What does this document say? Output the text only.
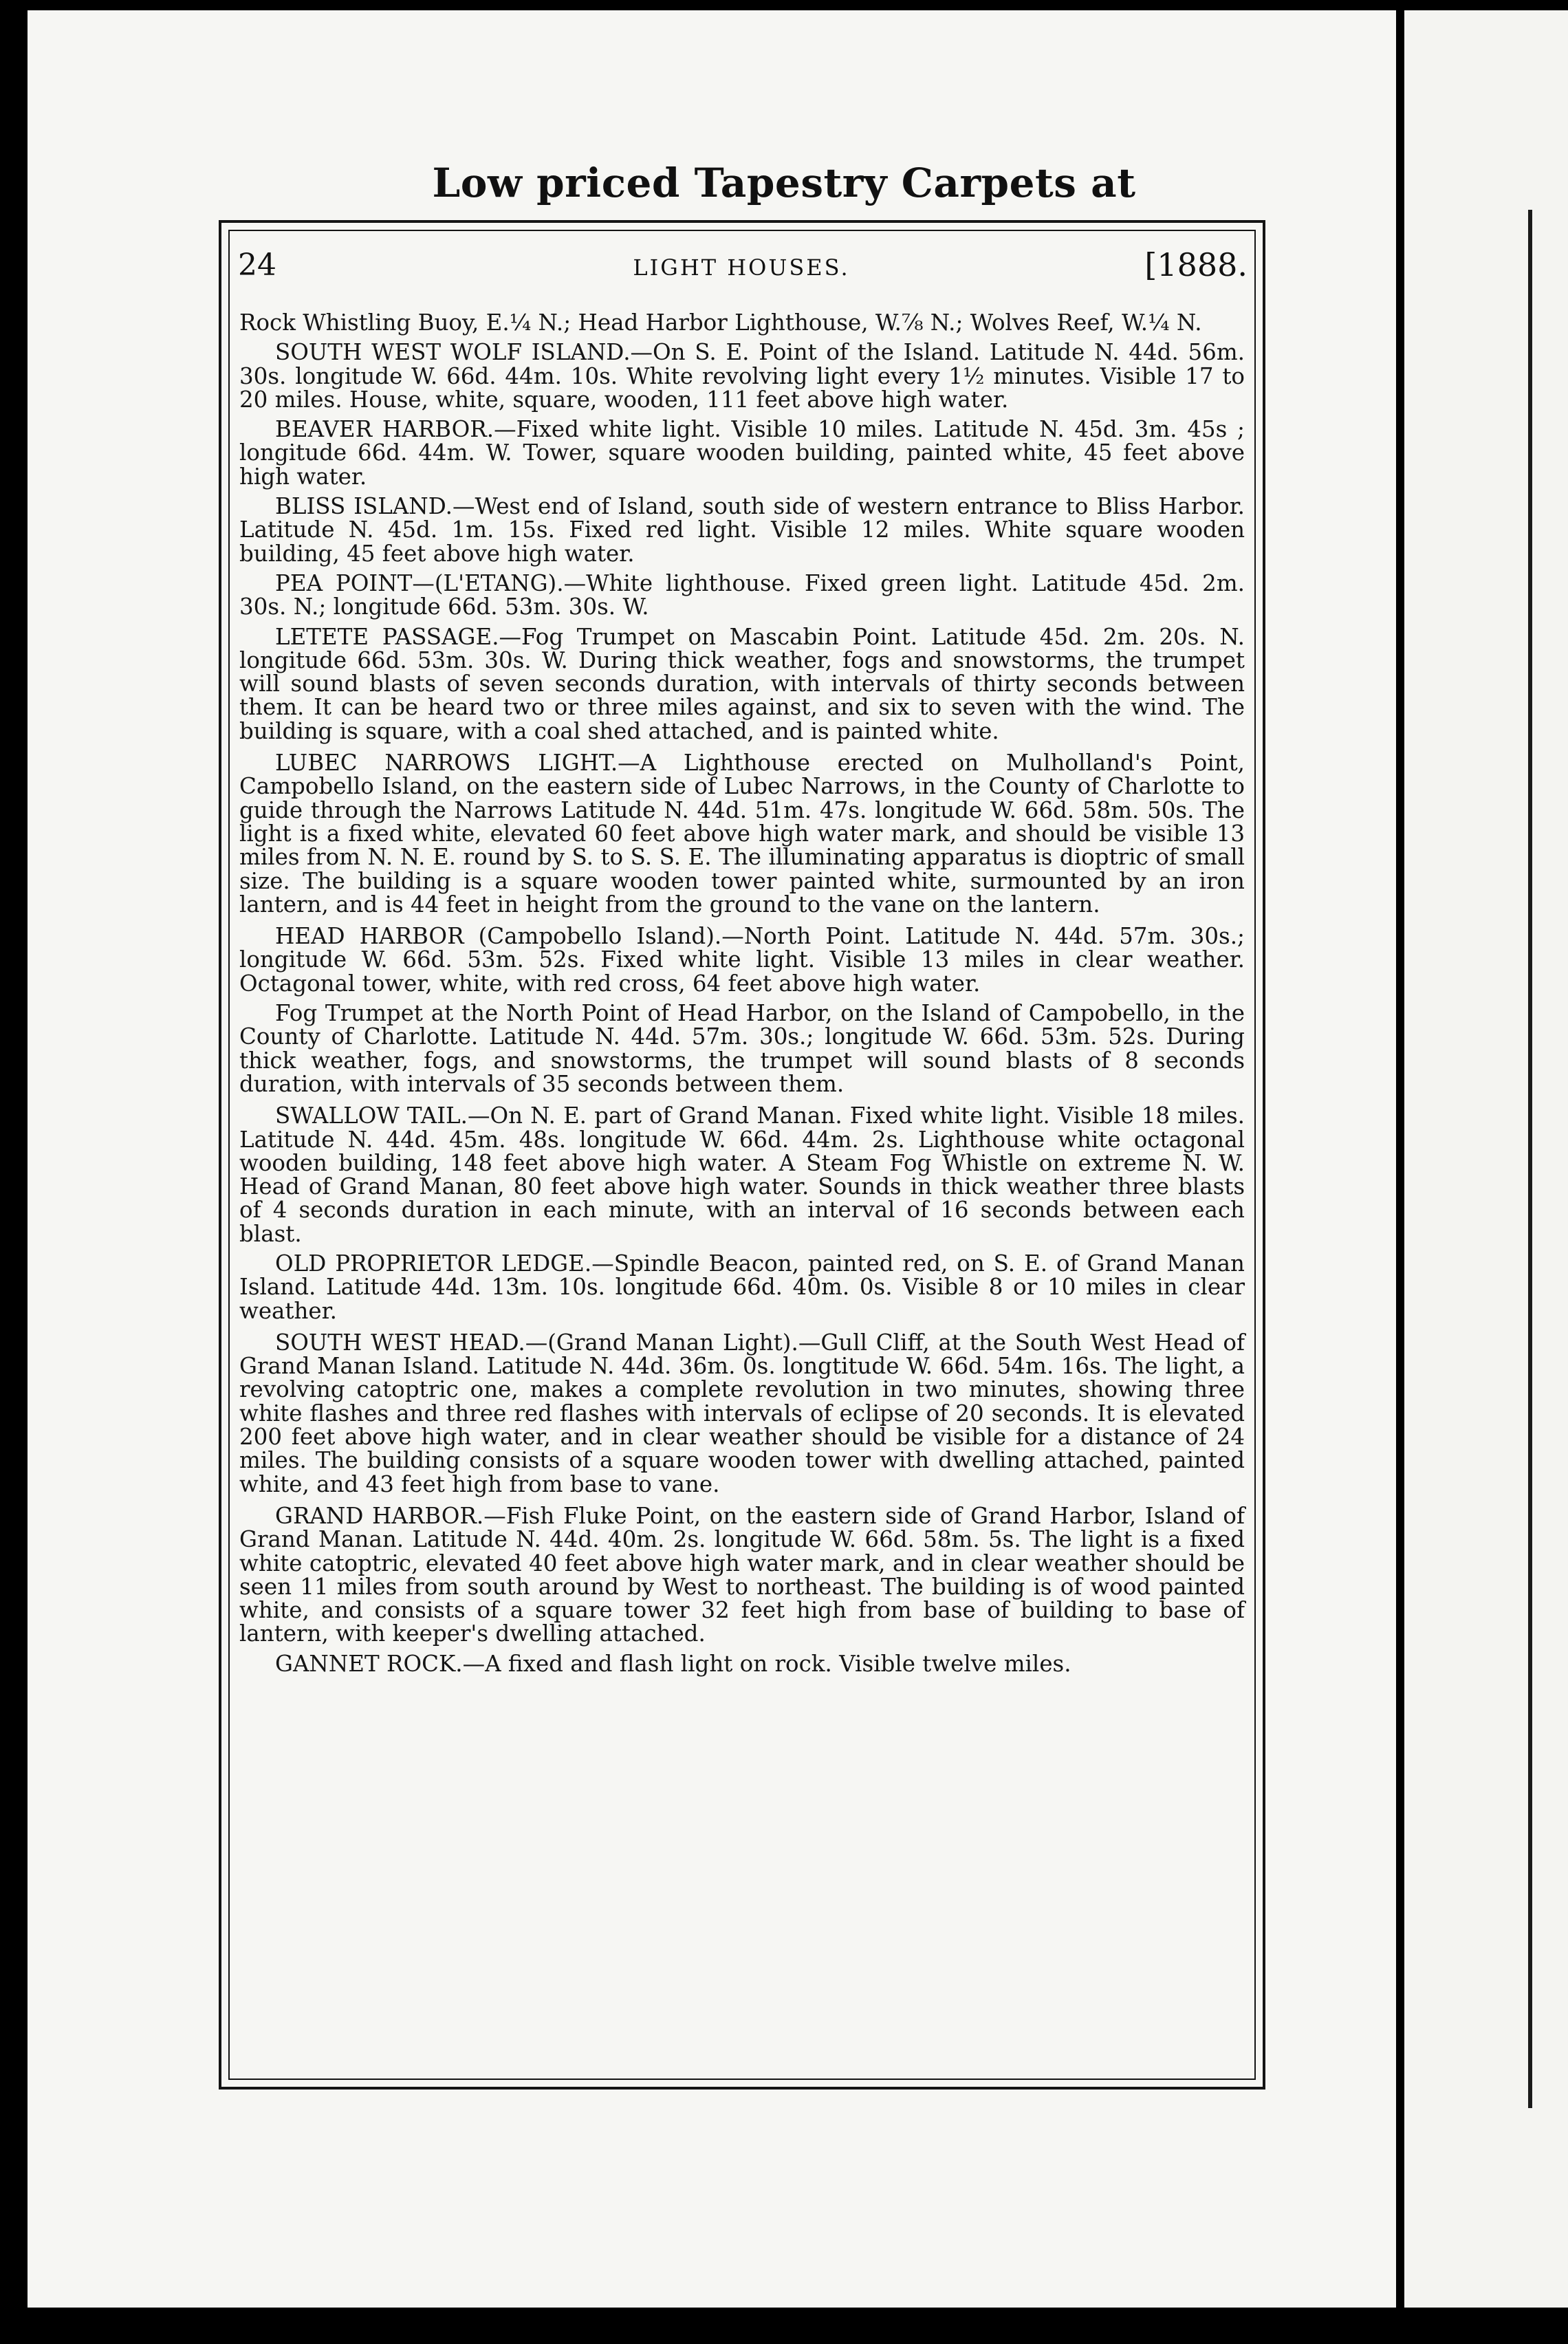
Low priced Tapestry Carpets at
24	LIGHT HOUSES.	[1888.

Rock Whistling Buoy, E.¼ N.; Head Harbor Lighthouse, W.⅞ N.; Wolves Reef, W.¼ N.

SOUTH WEST WOLF ISLAND.—On S. E. Point of the Island. Latitude N. 44d. 56m. 30s. longitude W. 66d. 44m. 10s. White revolving light every 1½ minutes. Visible 17 to 20 miles. House, white, square, wooden, 111 feet above high water.

BEAVER HARBOR.—Fixed white light. Visible 10 miles. Latitude N. 45d. 3m. 45s ; longitude 66d. 44m. W. Tower, square wooden building, painted white, 45 feet above high water.

BLISS ISLAND.—West end of Island, south side of western entrance to Bliss Harbor. Latitude N. 45d. 1m. 15s. Fixed red light. Visible 12 miles. White square wooden building, 45 feet above high water.

PEA POINT—(L'ETANG).—White lighthouse. Fixed green light. Latitude 45d. 2m. 30s. N.; longitude 66d. 53m. 30s. W.

LETETE PASSAGE.—Fog Trumpet on Mascabin Point. Latitude 45d. 2m. 20s. N. longitude 66d. 53m. 30s. W. During thick weather, fogs and snowstorms, the trumpet will sound blasts of seven seconds duration, with intervals of thirty seconds between them. It can be heard two or three miles against, and six to seven with the wind. The building is square, with a coal shed attached, and is painted white.

LUBEC NARROWS LIGHT.—A Lighthouse erected on Mulholland's Point, Campobello Island, on the eastern side of Lubec Narrows, in the County of Charlotte to guide through the Narrows Latitude N. 44d. 51m. 47s. longitude W. 66d. 58m. 50s. The light is a fixed white, elevated 60 feet above high water mark, and should be visible 13 miles from N. N. E. round by S. to S. S. E. The illuminating apparatus is dioptric of small size. The building is a square wooden tower painted white, surmounted by an iron lantern, and is 44 feet in height from the ground to the vane on the lantern.

HEAD HARBOR (Campobello Island).—North Point. Latitude N. 44d. 57m. 30s.; longitude W. 66d. 53m. 52s. Fixed white light. Visible 13 miles in clear weather. Octagonal tower, white, with red cross, 64 feet above high water.

Fog Trumpet at the North Point of Head Harbor, on the Island of Campobello, in the County of Charlotte. Latitude N. 44d. 57m. 30s.; longitude W. 66d. 53m. 52s. During thick weather, fogs, and snowstorms, the trumpet will sound blasts of 8 seconds duration, with intervals of 35 seconds between them.

SWALLOW TAIL.—On N. E. part of Grand Manan. Fixed white light. Visible 18 miles. Latitude N. 44d. 45m. 48s. longitude W. 66d. 44m. 2s. Lighthouse white octagonal wooden building, 148 feet above high water. A Steam Fog Whistle on extreme N. W. Head of Grand Manan, 80 feet above high water. Sounds in thick weather three blasts of 4 seconds duration in each minute, with an interval of 16 seconds between each blast.

OLD PROPRIETOR LEDGE.—Spindle Beacon, painted red, on S. E. of Grand Manan Island. Latitude 44d. 13m. 10s. longitude 66d. 40m. 0s. Visible 8 or 10 miles in clear weather.

SOUTH WEST HEAD.—(Grand Manan Light).—Gull Cliff, at the South West Head of Grand Manan Island. Latitude N. 44d. 36m. 0s. longtitude W. 66d. 54m. 16s. The light, a revolving catoptric one, makes a complete revolution in two minutes, showing three white flashes and three red flashes with intervals of eclipse of 20 seconds. It is elevated 200 feet above high water, and in clear weather should be visible for a distance of 24 miles. The building consists of a square wooden tower with dwelling attached, painted white, and 43 feet high from base to vane.

GRAND HARBOR.—Fish Fluke Point, on the eastern side of Grand Harbor, Island of Grand Manan. Latitude N. 44d. 40m. 2s. longitude W. 66d. 58m. 5s. The light is a fixed white catoptric, elevated 40 feet above high water mark, and in clear weather should be seen 11 miles from south around by West to northeast. The building is of wood painted white, and consists of a square tower 32 feet high from base of building to base of lantern, with keeper's dwelling attached.

GANNET ROCK.—A fixed and flash light on rock. Visible twelve miles.
